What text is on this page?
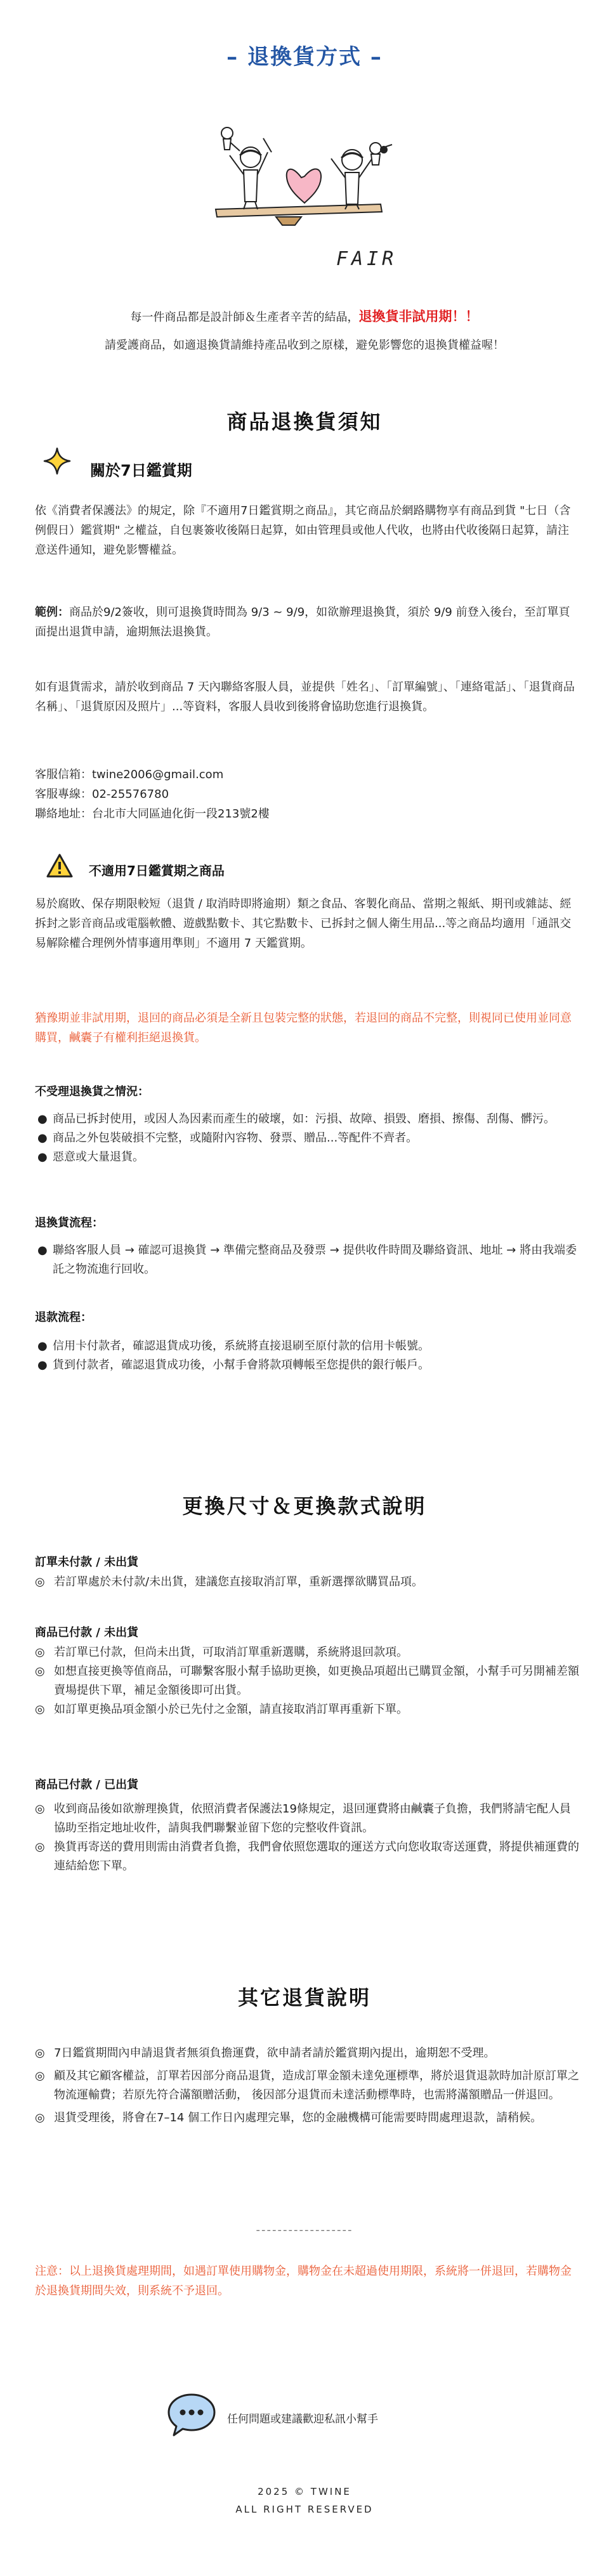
– 退換貨方式 –
FAIR
每一件商品都是設計師＆生產者辛苦的結晶，退換貨非試用期！！
請愛護商品，如適退換貨請維持產品收到之原樣，避免影響您的退換貨權益喔！
商品退換貨須知
關於7日鑑賞期
依《消費者保護法》的規定，除『不適用7日鑑賞期之商品』，其它商品於網路購物享有商品到貨 "七日（含例假日）鑑賞期" 之權益，自包裹簽收後隔日起算，如由管理員或他人代收，也將由代收後隔日起算，請注意送件通知，避免影響權益。
範例：商品於9/2簽收，則可退換貨時間為 9/3 ~ 9/9，如欲辦理退換貨，須於 9/9 前登入後台，至訂單頁面提出退貨申請，逾期無法退換貨。
如有退貨需求，請於收到商品 7 天內聯絡客服人員，並提供「姓名」、「訂單編號」、「連絡電話」、「退貨商品名稱」、「退貨原因及照片」...等資料，客服人員收到後將會協助您進行退換貨。

客服信箱：twine2006@gmail.com

客服專線：02-25576780

聯絡地址：台北市大同區迪化街一段213號2樓

不適用7日鑑賞期之商品
易於腐敗、保存期限較短（退貨 / 取消時即將逾期）類之食品、客製化商品、當期之報紙、期刊或雜誌、經拆封之影音商品或電腦軟體、遊戲點數卡、其它點數卡、已拆封之個人衛生用品...等之商品均適用「通訊交易解除權合理例外情事適用準則」不適用 7 天鑑賞期。
猶豫期並非試用期，退回的商品必須是全新且包裝完整的狀態，若退回的商品不完整，則視同已使用並同意購買，鹹囊子有權利拒絕退換貨。
不受理退換貨之情況：
● 商品已拆封使用，或因人為因素而產生的破壞，如：污損、故障、損毀、磨損、擦傷、刮傷、髒污。
● 商品之外包裝破損不完整，或隨附內容物、發票、贈品...等配件不齊者。
● 惡意或大量退貨。
退換貨流程：
● 聯絡客服人員 → 確認可退換貨 → 準備完整商品及發票 → 提供收件時間及聯絡資訊、地址 → 將由我端委託之物流進行回收。
退款流程：
● 信用卡付款者，確認退貨成功後，系統將直接退刷至原付款的信用卡帳號。
● 貨到付款者，確認退貨成功後，小幫手會將款項轉帳至您提供的銀行帳戶。
更換尺寸＆更換款式說明
訂單未付款 / 未出貨
◎ 若訂單處於未付款/未出貨，建議您直接取消訂單，重新選擇欲購買品項。
商品已付款 / 未出貨
◎ 若訂單已付款，但尚未出貨，可取消訂單重新選購，系統將退回款項。
◎ 如想直接更換等值商品，可聯繫客服小幫手協助更換，如更換品項超出已購買金額，小幫手可另開補差額賣場提供下單，補足金額後即可出貨。
◎ 如訂單更換品項金額小於已先付之金額，請直接取消訂單再重新下單。
商品已付款 / 已出貨
◎ 收到商品後如欲辦理換貨，依照消費者保護法19條規定，退回運費將由鹹囊子負擔，我們將請宅配人員協助至指定地址收件，請與我們聯繫並留下您的完整收件資訊。
◎ 換貨再寄送的費用則需由消費者負擔，我們會依照您選取的運送方式向您收取寄送運費，將提供補運費的連結給您下單。
其它退貨說明
◎ 7日鑑賞期間內申請退貨者無須負擔運費，欲申請者請於鑑賞期內提出，逾期恕不受理。
◎ 顧及其它顧客權益，訂單若因部分商品退貨，造成訂單金額未達免運標準，將於退貨退款時加計原訂單之物流運輸費；若原先符合滿額贈活動， 後因部分退貨而未達活動標準時，也需將滿額贈品一併退回。
◎ 退貨受理後，將會在7–14 個工作日內處理完畢，您的金融機構可能需要時間處理退款，請稍候。
------------------
注意：以上退換貨處理期間，如遇訂單使用購物金，購物金在未超過使用期限，系統將一併退回，若購物金於退換貨期間失效，則系統不予退回。
任何問題或建議歡迎私訊小幫手
2025 © TWINE
ALL RIGHT RESERVED
